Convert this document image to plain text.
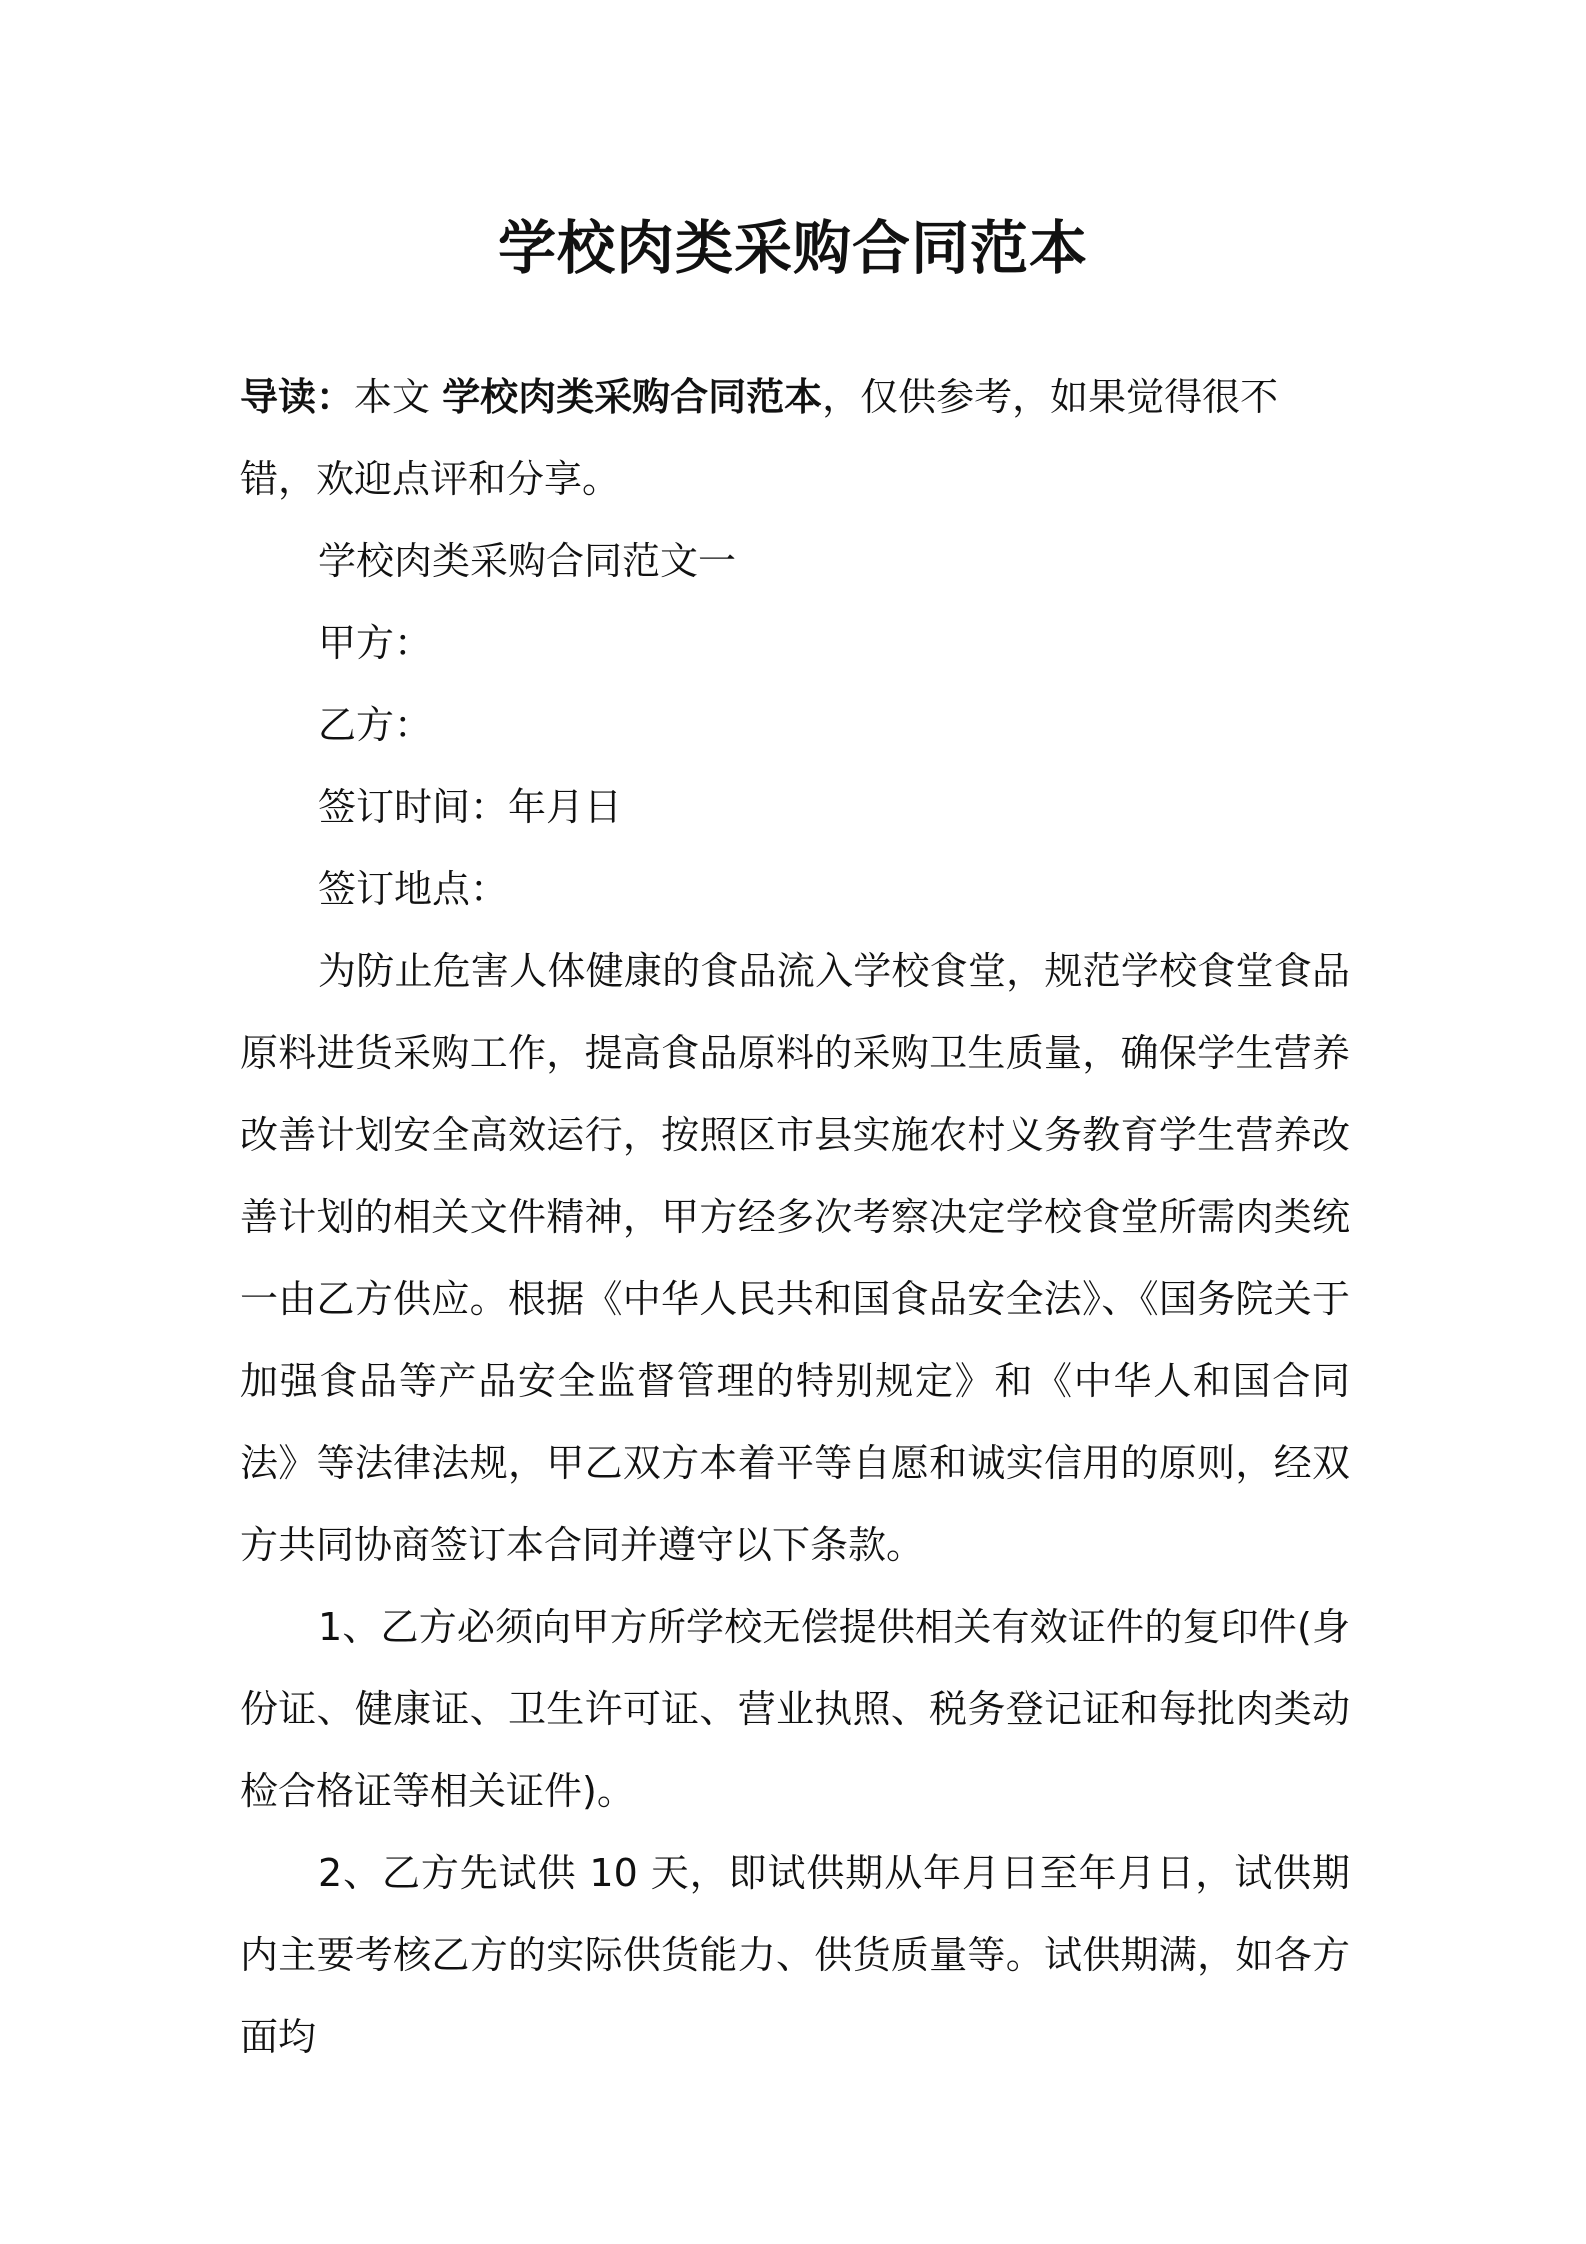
学校肉类采购合同范本

导读：本文 学校肉类采购合同范本，仅供参考，如果觉得很不错，欢迎点评和分享。

学校肉类采购合同范文一

甲方：

乙方：

签订时间：年月日

签订地点：

为防止危害人体健康的食品流入学校食堂，规范学校食堂食品原料进货采购工作，提高食品原料的采购卫生质量，确保学生营养改善计划安全高效运行，按照区市县实施农村义务教育学生营养改善计划的相关文件精神，甲方经多次考察决定学校食堂所需肉类统一由乙方供应。根据《中华人民共和国食品安全法》、《国务院关于加强食品等产品安全监督管理的特别规定》和《中华人和国合同法》等法律法规，甲乙双方本着平等自愿和诚实信用的原则，经双方共同协商签订本合同并遵守以下条款。

1、乙方必须向甲方所学校无偿提供相关有效证件的复印件(身份证、健康证、卫生许可证、营业执照、税务登记证和每批肉类动检合格证等相关证件)。

2、乙方先试供 10 天，即试供期从年月日至年月日，试供期内主要考核乙方的实际供货能力、供货质量等。试供期满，如各方面均
